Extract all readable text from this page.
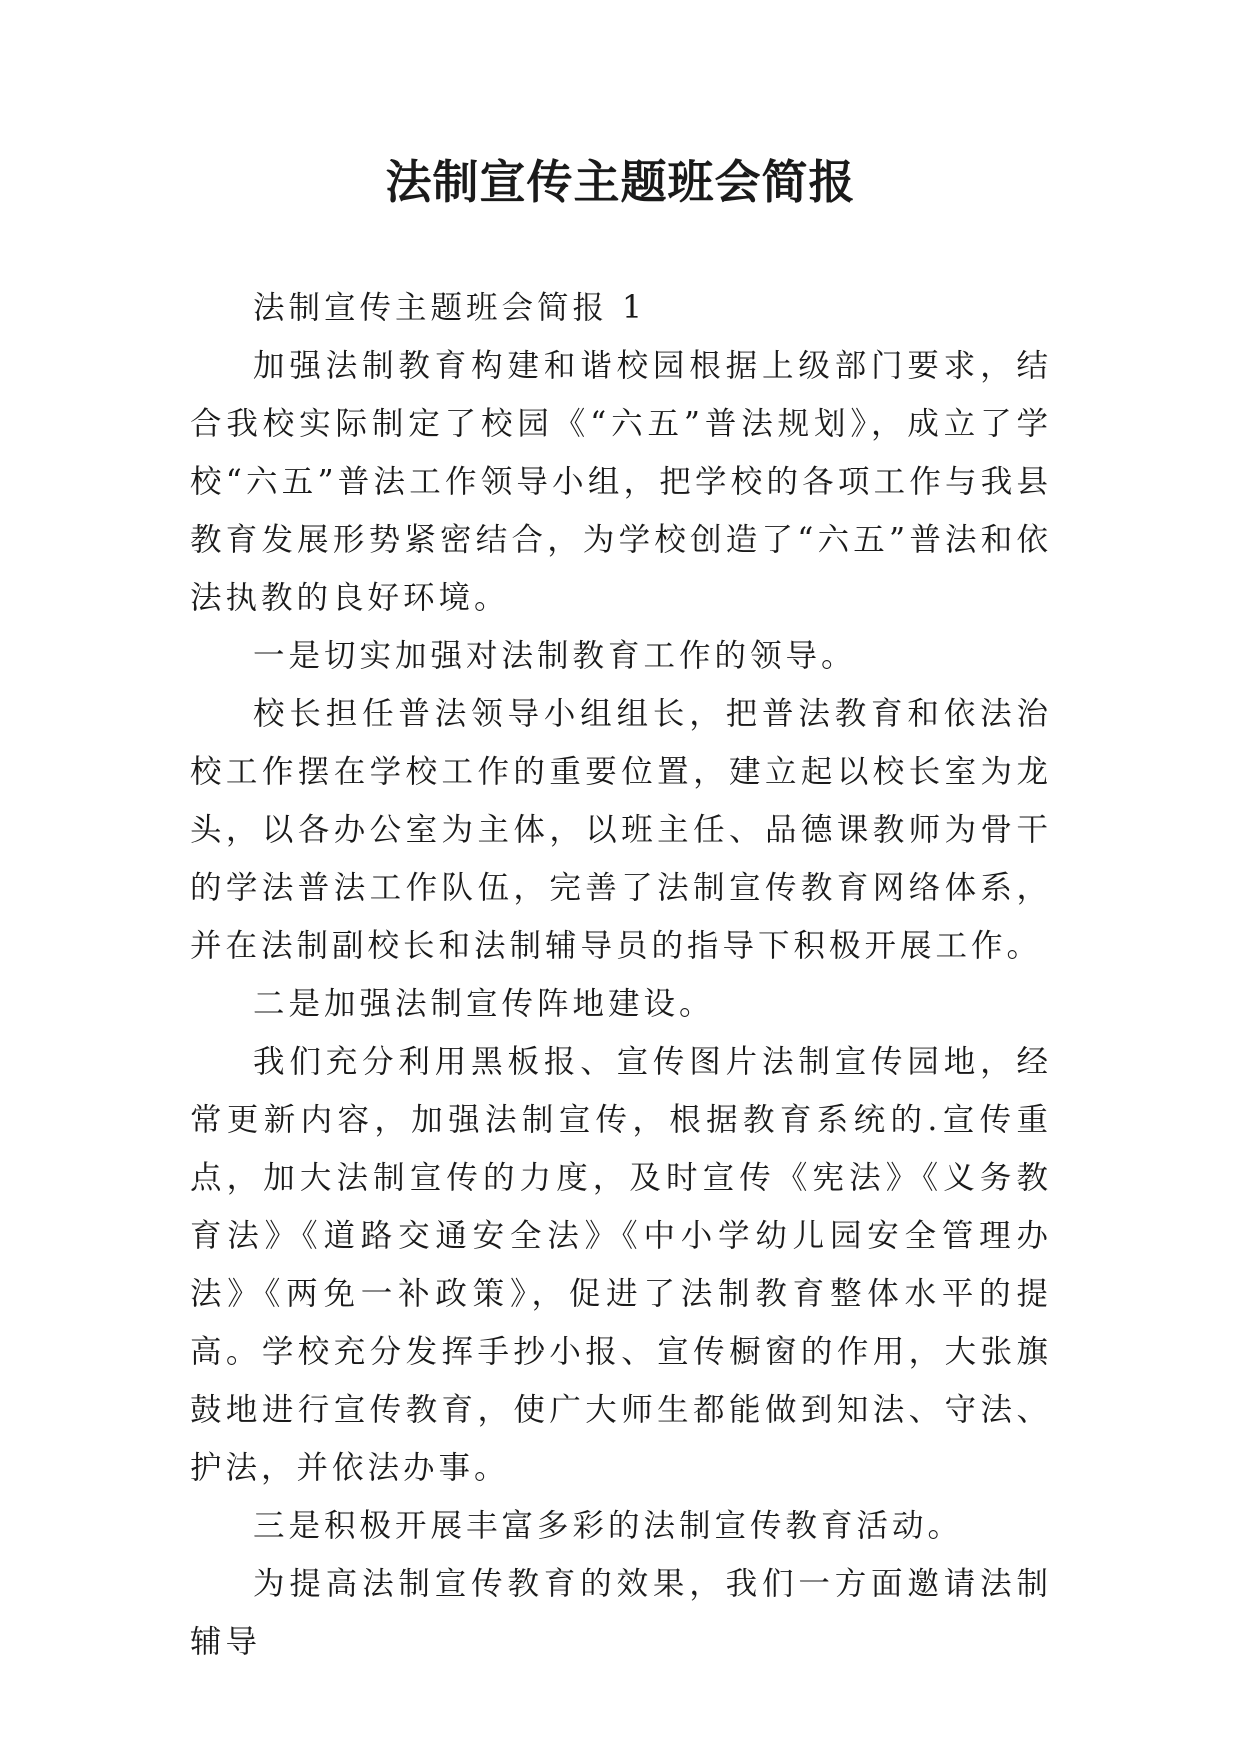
法制宣传主题班会简报

法制宣传主题班会简报 1

加强法制教育构建和谐校园根据上级部门要求，结合我校实际制定了校园《“六五”普法规划》，成立了学校“六五”普法工作领导小组，把学校的各项工作与我县教育发展形势紧密结合，为学校创造了“六五”普法和依法执教的良好环境。

一是切实加强对法制教育工作的领导。

校长担任普法领导小组组长，把普法教育和依法治校工作摆在学校工作的重要位置，建立起以校长室为龙头，以各办公室为主体，以班主任、品德课教师为骨干的学法普法工作队伍，完善了法制宣传教育网络体系，并在法制副校长和法制辅导员的指导下积极开展工作。

二是加强法制宣传阵地建设。

我们充分利用黑板报、宣传图片法制宣传园地，经常更新内容，加强法制宣传，根据教育系统的.宣传重点，加大法制宣传的力度，及时宣传《宪法》《义务教育法》《道路交通安全法》《中小学幼儿园安全管理办法》《两免一补政策》，促进了法制教育整体水平的提高。学校充分发挥手抄小报、宣传橱窗的作用，大张旗鼓地进行宣传教育，使广大师生都能做到知法、守法、护法，并依法办事。

三是积极开展丰富多彩的法制宣传教育活动。

为提高法制宣传教育的效果，我们一方面邀请法制辅导
